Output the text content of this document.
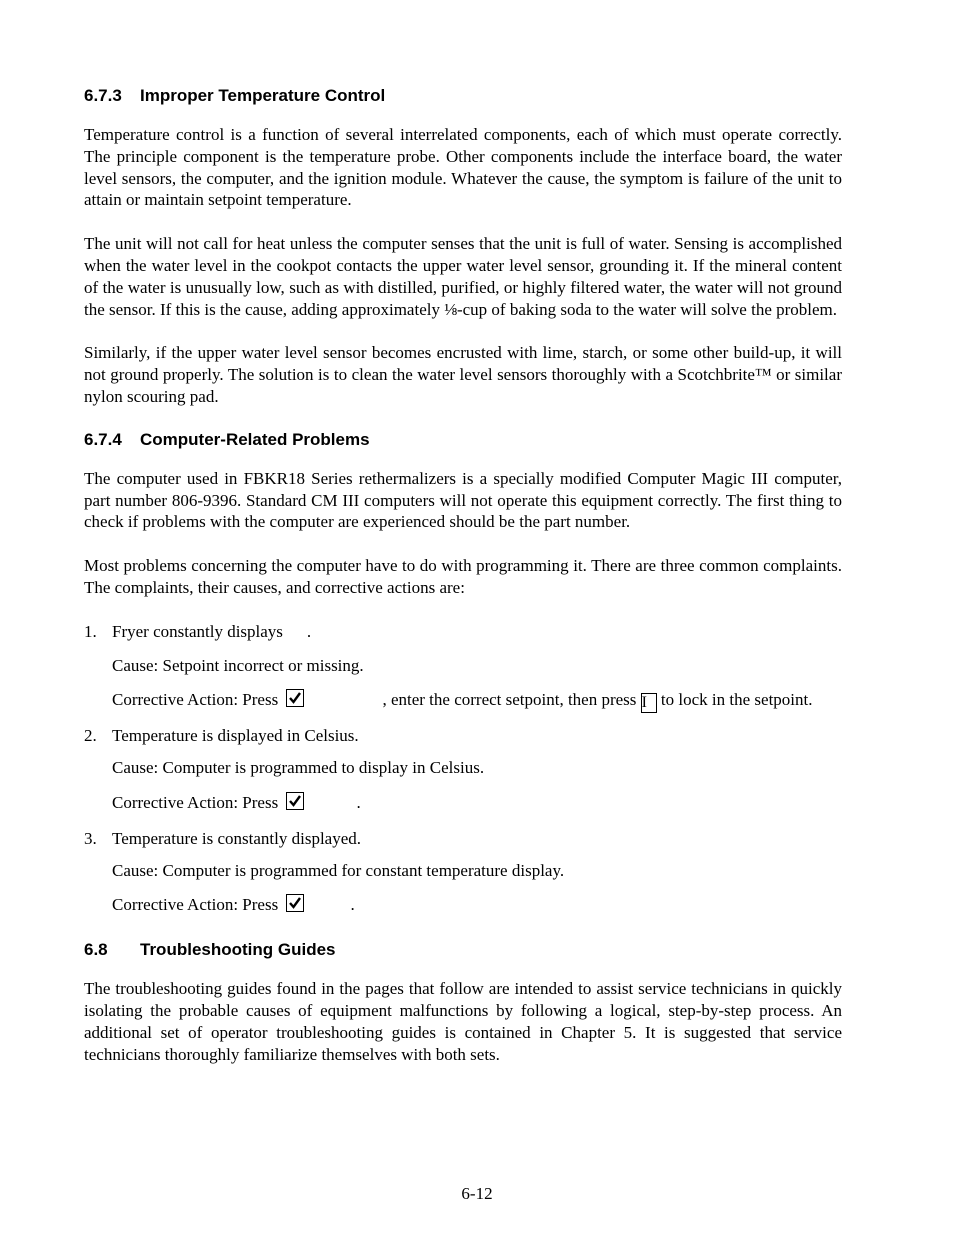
6.7.3 Improper Temperature Control

Temperature control is a function of several interrelated components, each of which must operate correctly. The principle component is the temperature probe. Other components include the interface board, the water level sensors, the computer, and the ignition module. Whatever the cause, the symptom is failure of the unit to attain or maintain setpoint temperature.

The unit will not call for heat unless the computer senses that the unit is full of water. Sensing is accomplished when the water level in the cookpot contacts the upper water level sensor, grounding it. If the mineral content of the water is unusually low, such as with distilled, purified, or highly filtered water, the water will not ground the sensor. If this is the cause, adding approximately ⅛-cup of baking soda to the water will solve the problem.

Similarly, if the upper water level sensor becomes encrusted with lime, starch, or some other build-up, it will not ground properly. The solution is to clean the water level sensors thoroughly with a Scotchbrite™ or similar nylon scouring pad.

6.7.4 Computer-Related Problems

The computer used in FBKR18 Series rethermalizers is a specially modified Computer Magic III computer, part number 806-9396. Standard CM III computers will not operate this equipment correctly. The first thing to check if problems with the computer are experienced should be the part number.

Most problems concerning the computer have to do with programming it. There are three common complaints. The complaints, their causes, and corrective actions are:

1. Fryer constantly displays .

Cause: Setpoint incorrect or missing.

Corrective Action: Press	, enter the correct setpoint, then press I to lock in the setpoint.

2. Temperature is displayed in Celsius.

Cause: Computer is programmed to display in Celsius.

Corrective Action: Press	.

3. Temperature is constantly displayed.

Cause: Computer is programmed for constant temperature display.

Corrective Action: Press	.

6.8 Troubleshooting Guides

The troubleshooting guides found in the pages that follow are intended to assist service technicians in quickly isolating the probable causes of equipment malfunctions by following a logical, step-by-step process. An additional set of operator troubleshooting guides is contained in Chapter 5. It is suggested that service technicians thoroughly familiarize themselves with both sets.

6-12
